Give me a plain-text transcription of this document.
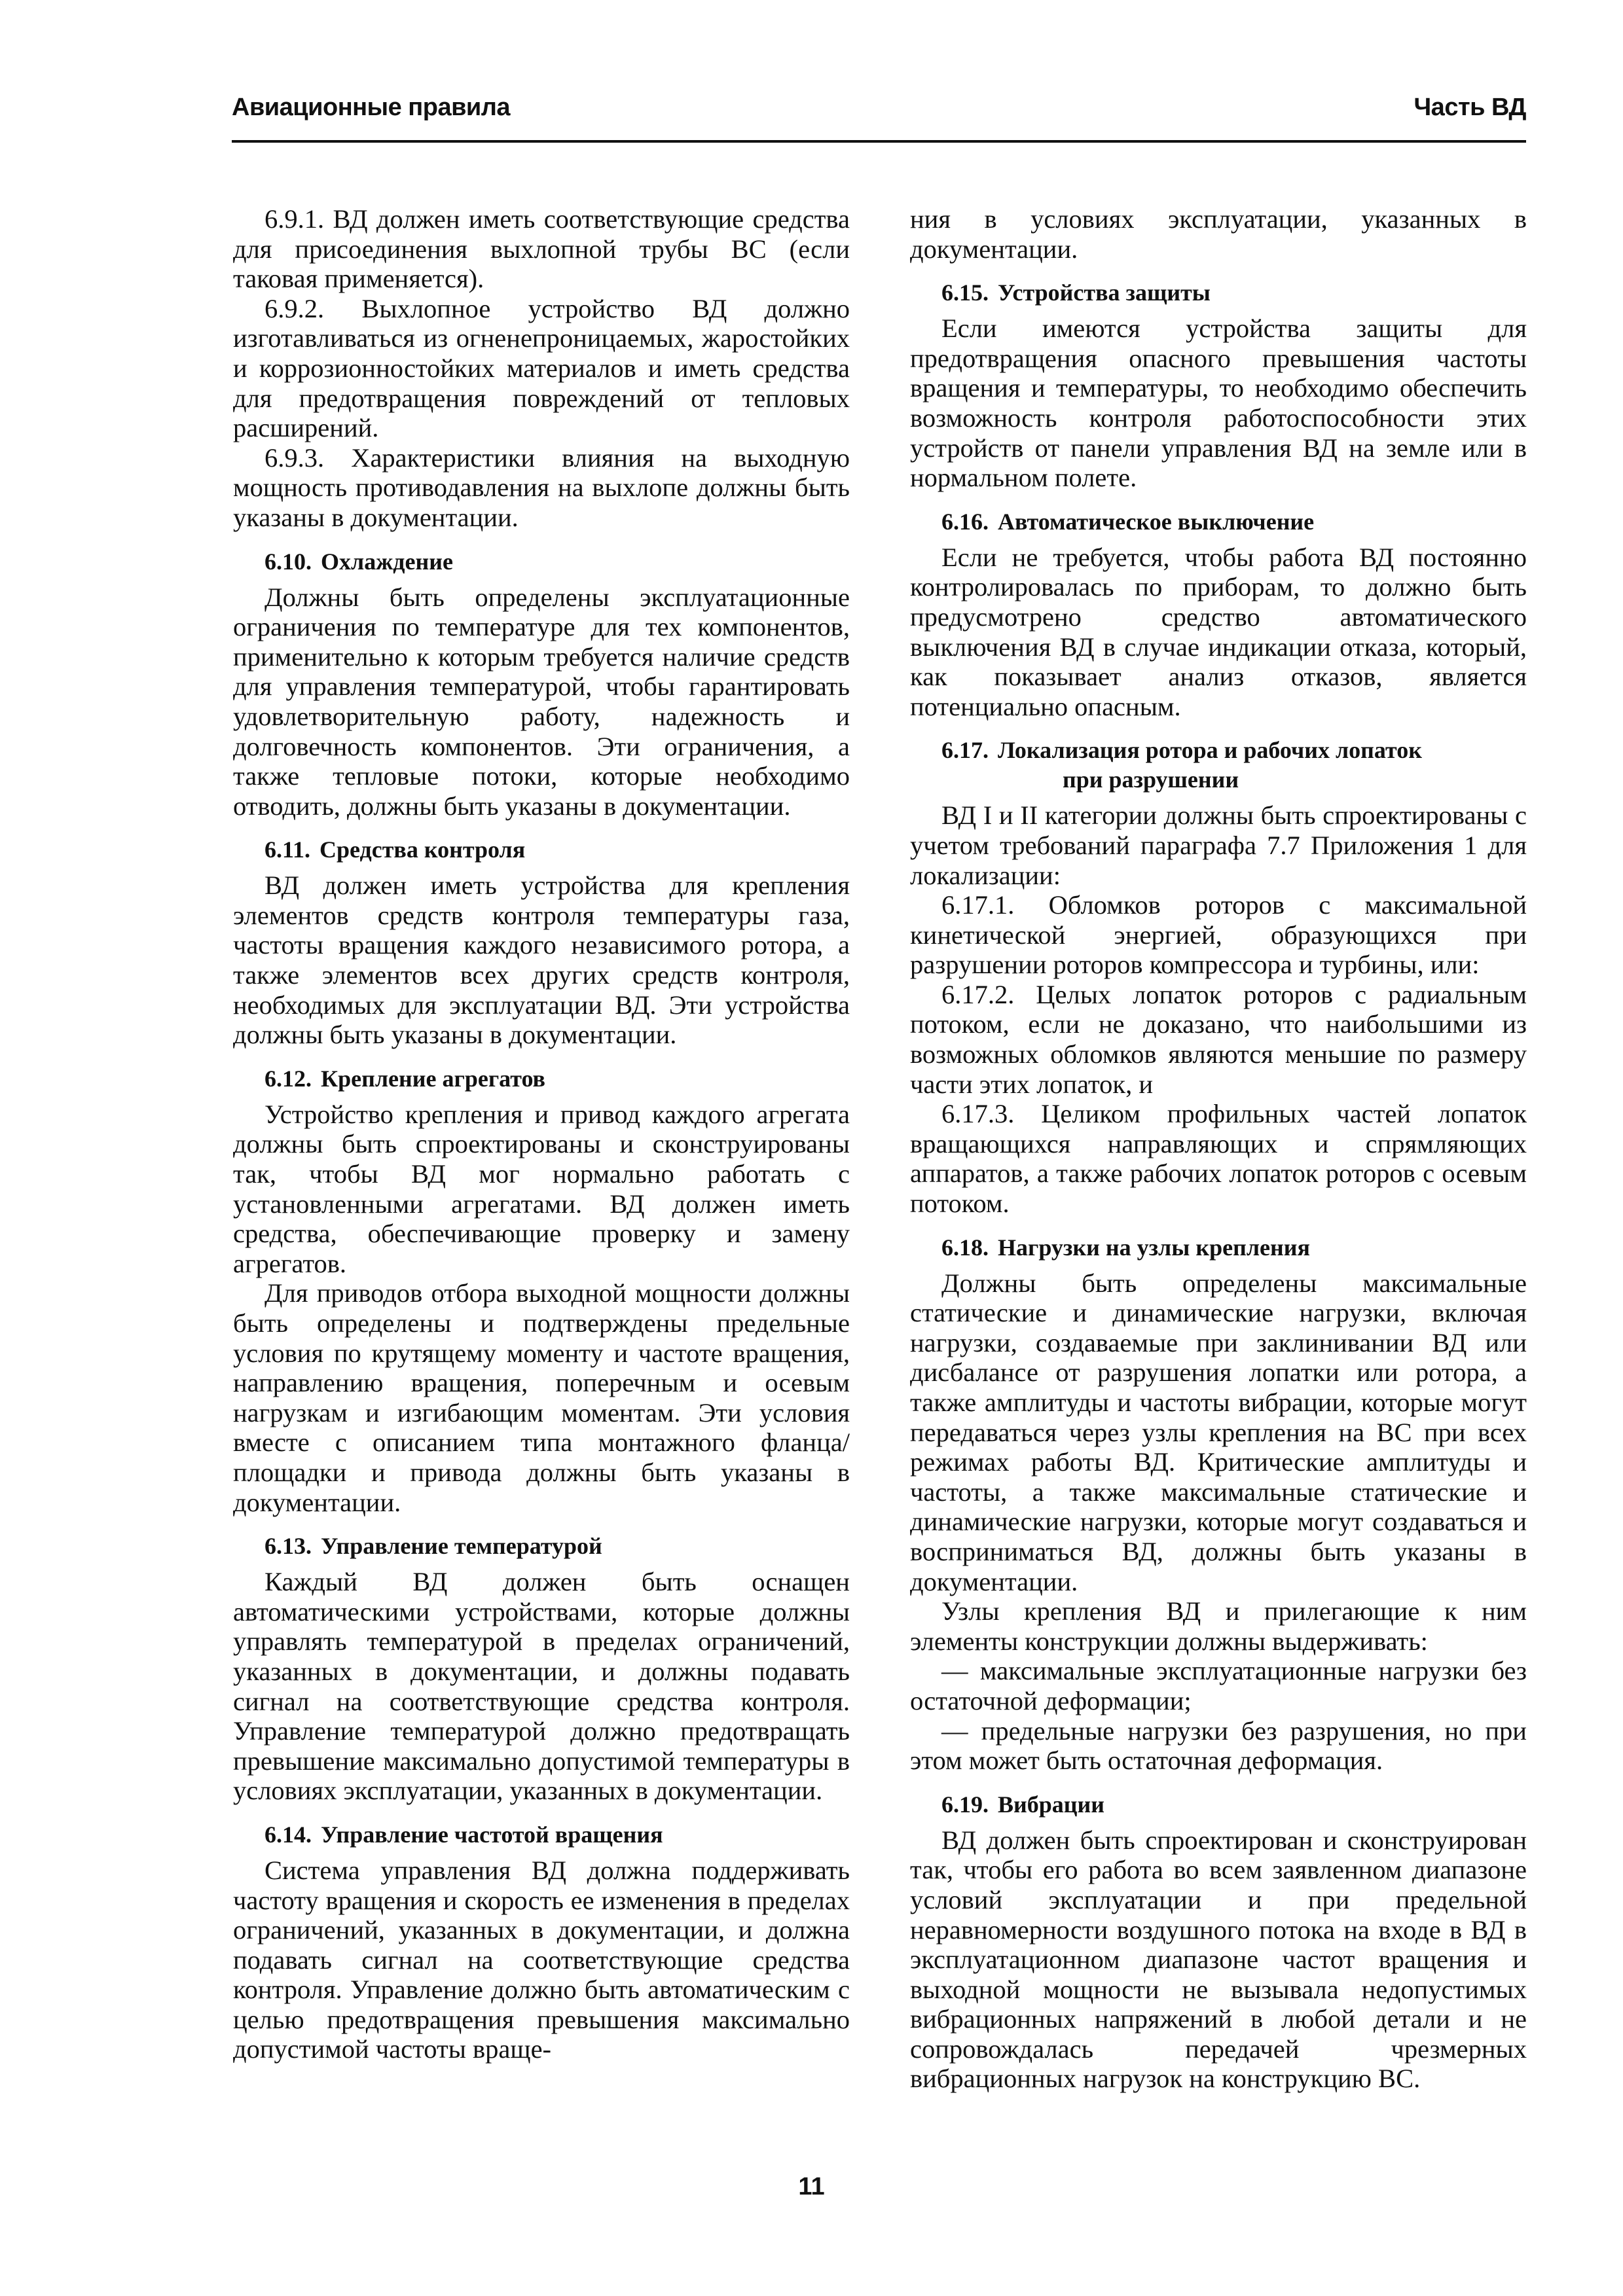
Авиационные правила	Часть ВД

6.9.1. ВД должен иметь соответствующие средства для присоединения выхлопной трубы ВС (если таковая применяется).

6.9.2. Выхлопное устройство ВД должно изготавливаться из огненепроницаемых, жаростойких и коррозионностойких материалов и иметь средства для предотвращения повреждений от тепловых расширений.

6.9.3. Характеристики влияния на выходную мощность противодавления на выхлопе должны быть указаны в документации.

6.10. Охлаждение

Должны быть определены эксплуатационные ограничения по температуре для тех компонентов, применительно к которым требуется наличие средств для управления температурой, чтобы гарантировать удовлетворительную работу, надежность и долговечность компонентов. Эти ограничения, а также тепловые потоки, которые необходимо отводить, должны быть указаны в документации.

6.11. Средства контроля

ВД должен иметь устройства для крепления элементов средств контроля температуры газа, частоты вращения каждого независимого ротора, а также элементов всех других средств контроля, необходимых для эксплуатации ВД. Эти устройства должны быть указаны в документации.

6.12. Крепление агрегатов

Устройство крепления и привод каждого агрегата должны быть спроектированы и сконструированы так, чтобы ВД мог нормально работать с установленными агрегатами. ВД должен иметь средства, обеспечивающие проверку и замену агрегатов.

Для приводов отбора выходной мощности должны быть определены и подтверждены предельные условия по крутящему моменту и частоте вращения, направлению вращения, поперечным и осевым нагрузкам и изгибающим моментам. Эти условия вместе с описанием типа монтажного фланца/площадки и привода должны быть указаны в документации.

6.13. Управление температурой

Каждый ВД должен быть оснащен автоматическими устройствами, которые должны управлять температурой в пределах ограничений, указанных в документации, и должны подавать сигнал на соответствующие средства контроля. Управление температурой должно предотвращать превышение максимально допустимой температуры в условиях эксплуатации, указанных в документации.

6.14. Управление частотой вращения

Система управления ВД должна поддерживать частоту вращения и скорость ее изменения в пределах ограничений, указанных в документации, и должна подавать сигнал на соответствующие средства контроля. Управление должно быть автоматическим с целью предотвращения превышения максимально допустимой частоты враще-

ния в условиях эксплуатации, указанных в документации.

6.15. Устройства защиты

Если имеются устройства защиты для предотвращения опасного превышения частоты вращения и температуры, то необходимо обеспечить возможность контроля работоспособности этих устройств от панели управления ВД на земле или в нормальном полете.

6.16. Автоматическое выключение

Если не требуется, чтобы работа ВД постоянно контролировалась по приборам, то должно быть предусмотрено средство автоматического выключения ВД в случае индикации отказа, который, как показывает анализ отказов, является потенциально опасным.

6.17. Локализация ротора и рабочих лопаток
при разрушении

ВД I и II категории должны быть спроектированы с учетом требований параграфа 7.7 Приложения 1 для локализации:

6.17.1. Обломков роторов с максимальной кинетической энергией, образующихся при разрушении роторов компрессора и турбины, или:

6.17.2. Целых лопаток роторов с радиальным потоком, если не доказано, что наибольшими из возможных обломков являются меньшие по размеру части этих лопаток, и

6.17.3. Целиком профильных частей лопаток вращающихся направляющих и спрямляющих аппаратов, а также рабочих лопаток роторов с осевым потоком.

6.18. Нагрузки на узлы крепления

Должны быть определены максимальные статические и динамические нагрузки, включая нагрузки, создаваемые при заклинивании ВД или дисбалансе от разрушения лопатки или ротора, а также амплитуды и частоты вибрации, которые могут передаваться через узлы крепления на ВС при всех режимах работы ВД. Критические амплитуды и частоты, а также максимальные статические и динамические нагрузки, которые могут создаваться и восприниматься ВД, должны быть указаны в документации.

Узлы крепления ВД и прилегающие к ним элементы конструкции должны выдерживать:

— максимальные эксплуатационные нагрузки без остаточной деформации;

— предельные нагрузки без разрушения, но при этом может быть остаточная деформация.

6.19. Вибрации

ВД должен быть спроектирован и сконструирован так, чтобы его работа во всем заявленном диапазоне условий эксплуатации и при предельной неравномерности воздушного потока на входе в ВД в эксплуатационном диапазоне частот вращения и выходной мощности не вызывала недопустимых вибрационных напряжений в любой детали и не сопровождалась передачей чрезмерных вибрационных нагрузок на конструкцию ВС.

11
